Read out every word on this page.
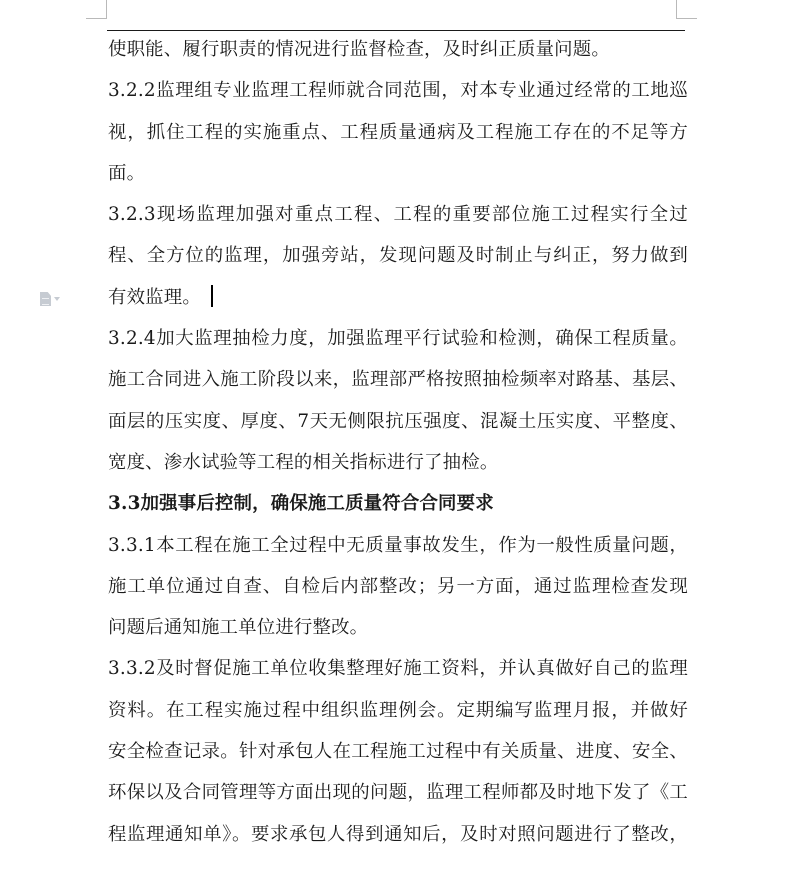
使职能、履行职责的情况进行监督检查，及时纠正质量问题。
3.2.2监理组专业监理工程师就合同范围，对本专业通过经常的工地巡
视，抓住工程的实施重点、工程质量通病及工程施工存在的不足等方
面。
3.2.3现场监理加强对重点工程、工程的重要部位施工过程实行全过
程、全方位的监理，加强旁站，发现问题及时制止与纠正，努力做到
有效监理。
3.2.4加大监理抽检力度，加强监理平行试验和检测，确保工程质量。
施工合同进入施工阶段以来，监理部严格按照抽检频率对路基、基层、
面层的压实度、厚度、7天无侧限抗压强度、混凝土压实度、平整度、
宽度、渗水试验等工程的相关指标进行了抽检。
3.3加强事后控制，确保施工质量符合合同要求
3.3.1本工程在施工全过程中无质量事故发生，作为一般性质量问题，
施工单位通过自查、自检后内部整改；另一方面，通过监理检查发现
问题后通知施工单位进行整改。
3.3.2及时督促施工单位收集整理好施工资料，并认真做好自己的监理
资料。在工程实施过程中组织监理例会。定期编写监理月报，并做好
安全检查记录。针对承包人在工程施工过程中有关质量、进度、安全、
环保以及合同管理等方面出现的问题，监理工程师都及时地下发了《工
程监理通知单》。要求承包人得到通知后，及时对照问题进行了整改，
